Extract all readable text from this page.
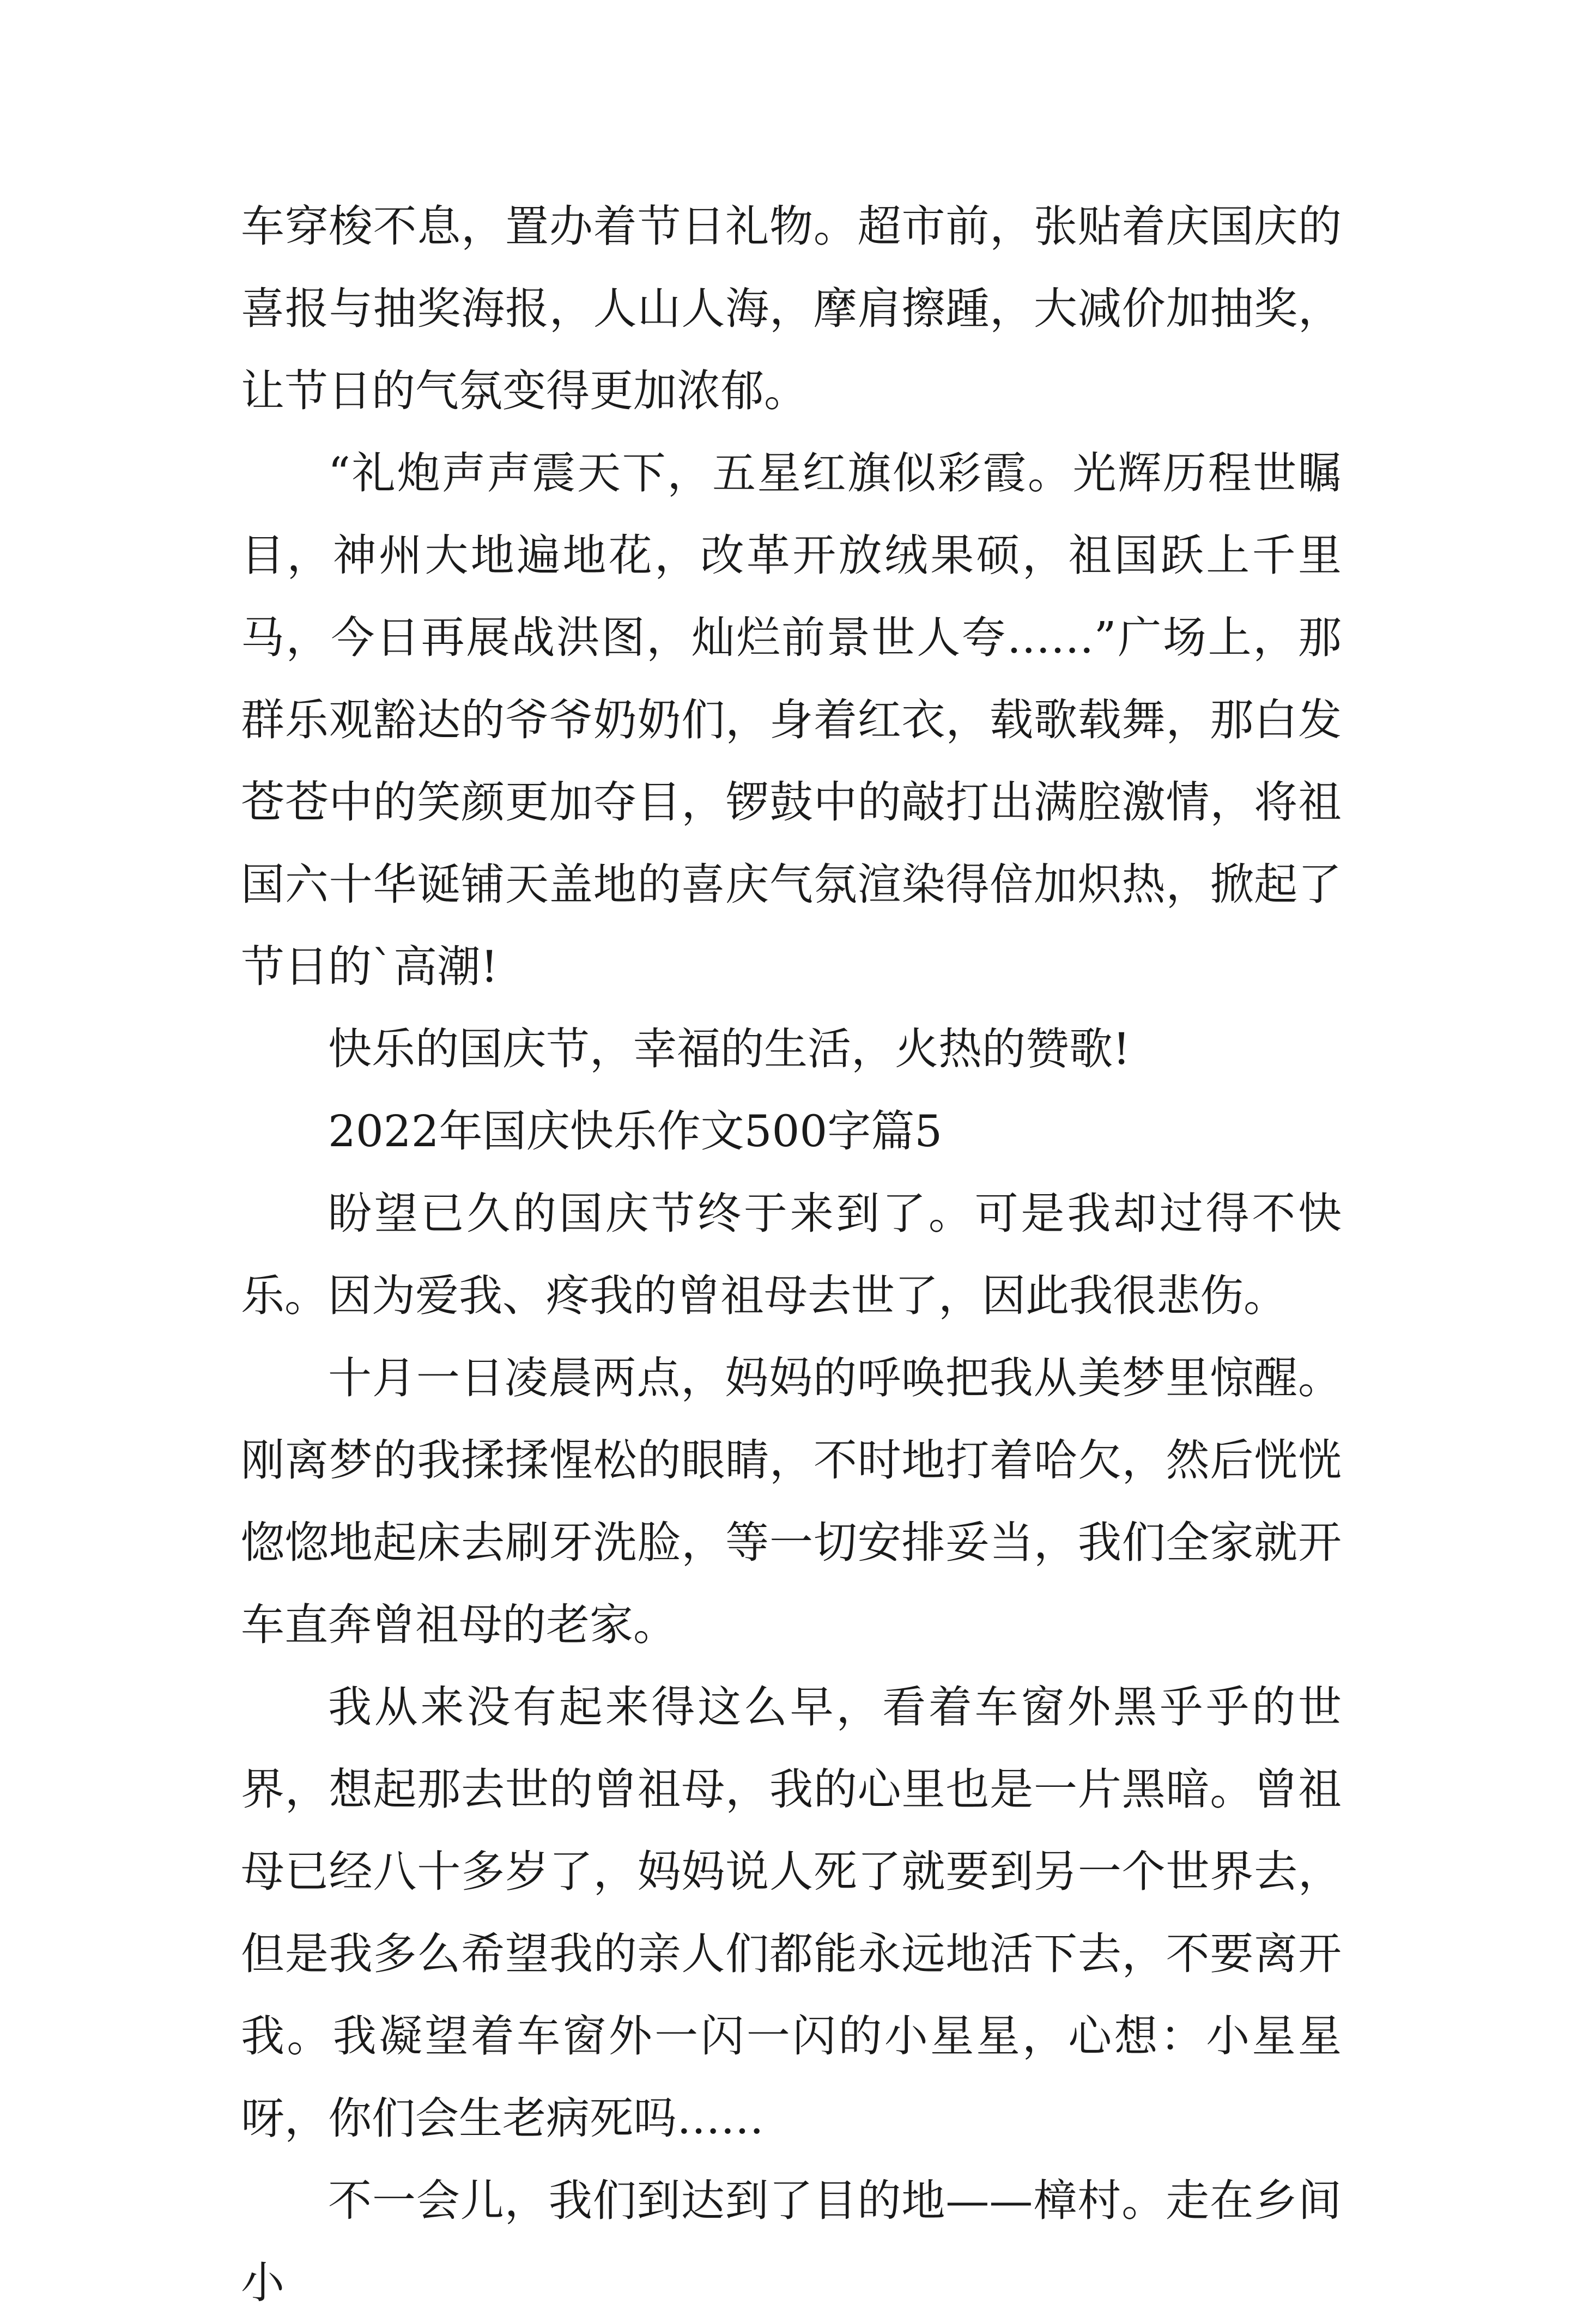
车穿梭不息，置办着节日礼物。超市前，张贴着庆国庆的喜报与抽奖海报，人山人海，摩肩擦踵，大减价加抽奖，让节日的气氛变得更加浓郁。

“礼炮声声震天下，五星红旗似彩霞。光辉历程世瞩目，神州大地遍地花，改革开放绒果硕，祖国跃上千里马，今日再展战洪图，灿烂前景世人夸……”广场上，那群乐观豁达的爷爷奶奶们，身着红衣，载歌载舞，那白发苍苍中的笑颜更加夺目，锣鼓中的敲打出满腔激情，将祖国六十华诞铺天盖地的喜庆气氛渲染得倍加炽热，掀起了节日的`高潮!

快乐的国庆节，幸福的生活，火热的赞歌!

2022年国庆快乐作文500字篇5

盼望已久的国庆节终于来到了。可是我却过得不快乐。因为爱我、疼我的曾祖母去世了，因此我很悲伤。

十月一日凌晨两点，妈妈的呼唤把我从美梦里惊醒。刚离梦的我揉揉惺松的眼睛，不时地打着哈欠，然后恍恍惚惚地起床去刷牙洗脸，等一切安排妥当，我们全家就开车直奔曾祖母的老家。

我从来没有起来得这么早，看着车窗外黑乎乎的世界，想起那去世的曾祖母，我的心里也是一片黑暗。曾祖母已经八十多岁了，妈妈说人死了就要到另一个世界去，但是我多么希望我的亲人们都能永远地活下去，不要离开我。我凝望着车窗外一闪一闪的小星星，心想：小星星呀，你们会生老病死吗……

不一会儿，我们到达到了目的地——樟村。走在乡间小
